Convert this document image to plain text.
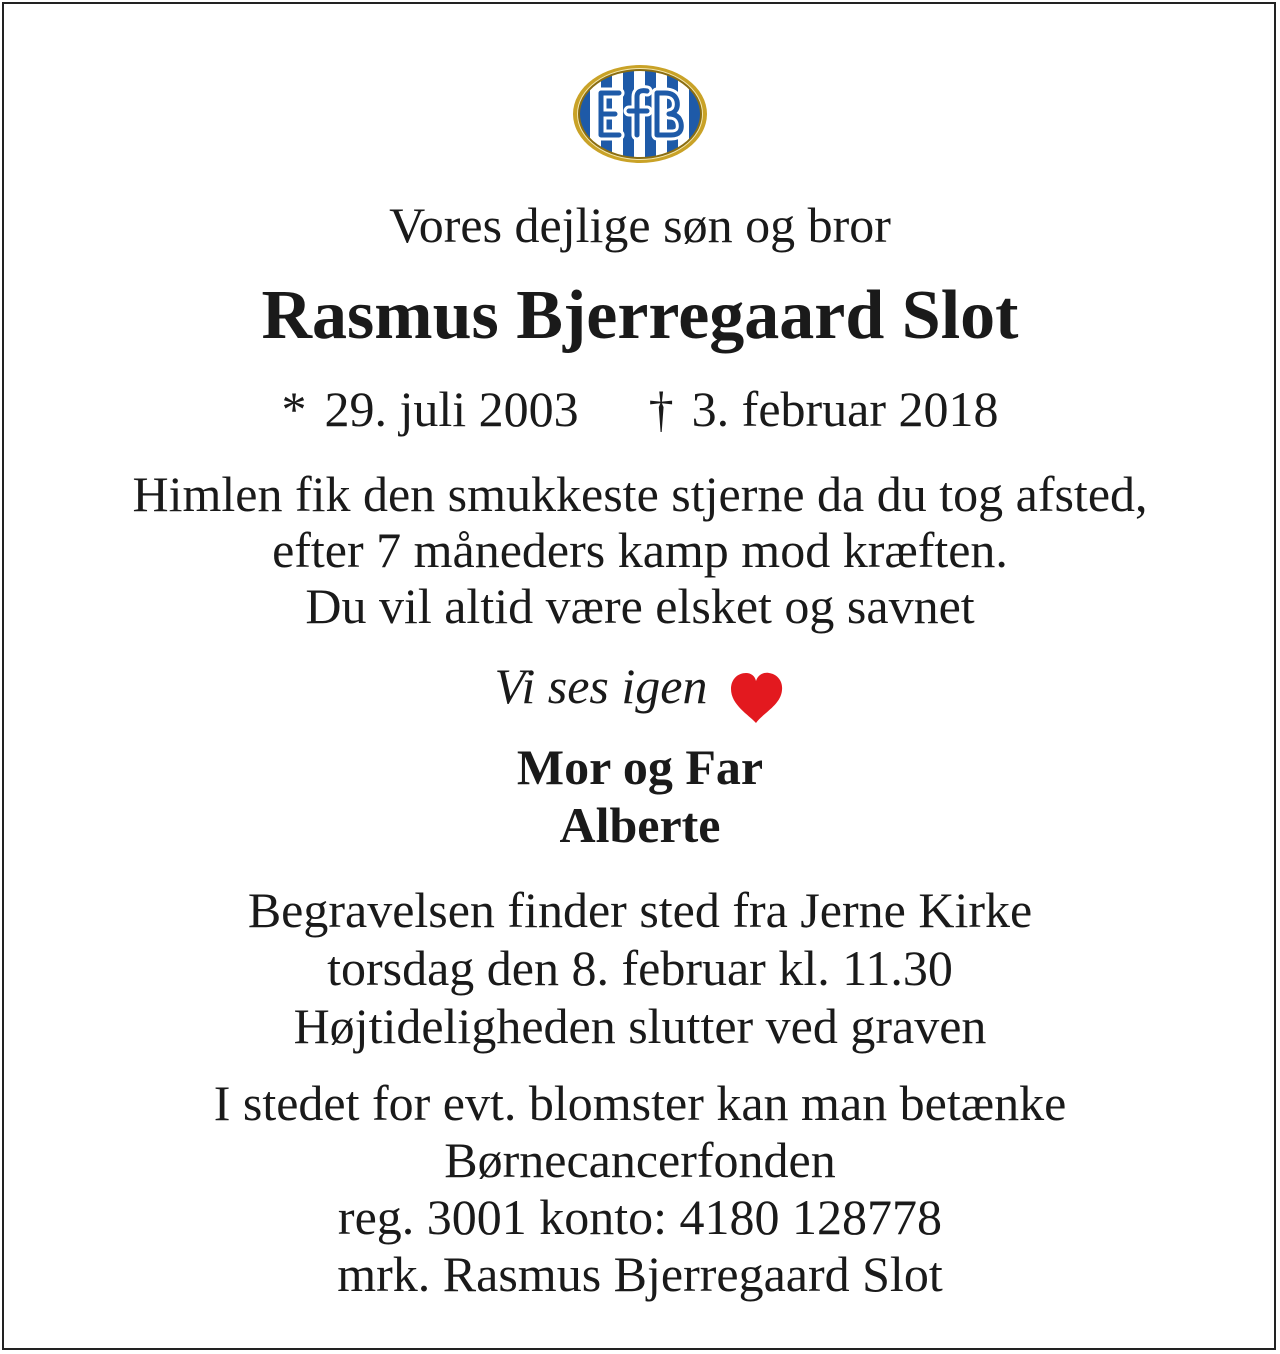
Vores dejlige søn og bror
Rasmus Bjerregaard Slot
* 29. juli 2003 † 3. februar 2018
Himlen fik den smukkeste stjerne da du tog afsted,
efter 7 måneders kamp mod kræften.
Du vil altid være elsket og savnet
Vi ses igen
Mor og Far
Alberte
Begravelsen finder sted fra Jerne Kirke
torsdag den 8. februar kl. 11.30
Højtideligheden slutter ved graven
I stedet for evt. blomster kan man betænke
Børnecancerfonden
reg. 3001 konto: 4180 128778
mrk. Rasmus Bjerregaard Slot
